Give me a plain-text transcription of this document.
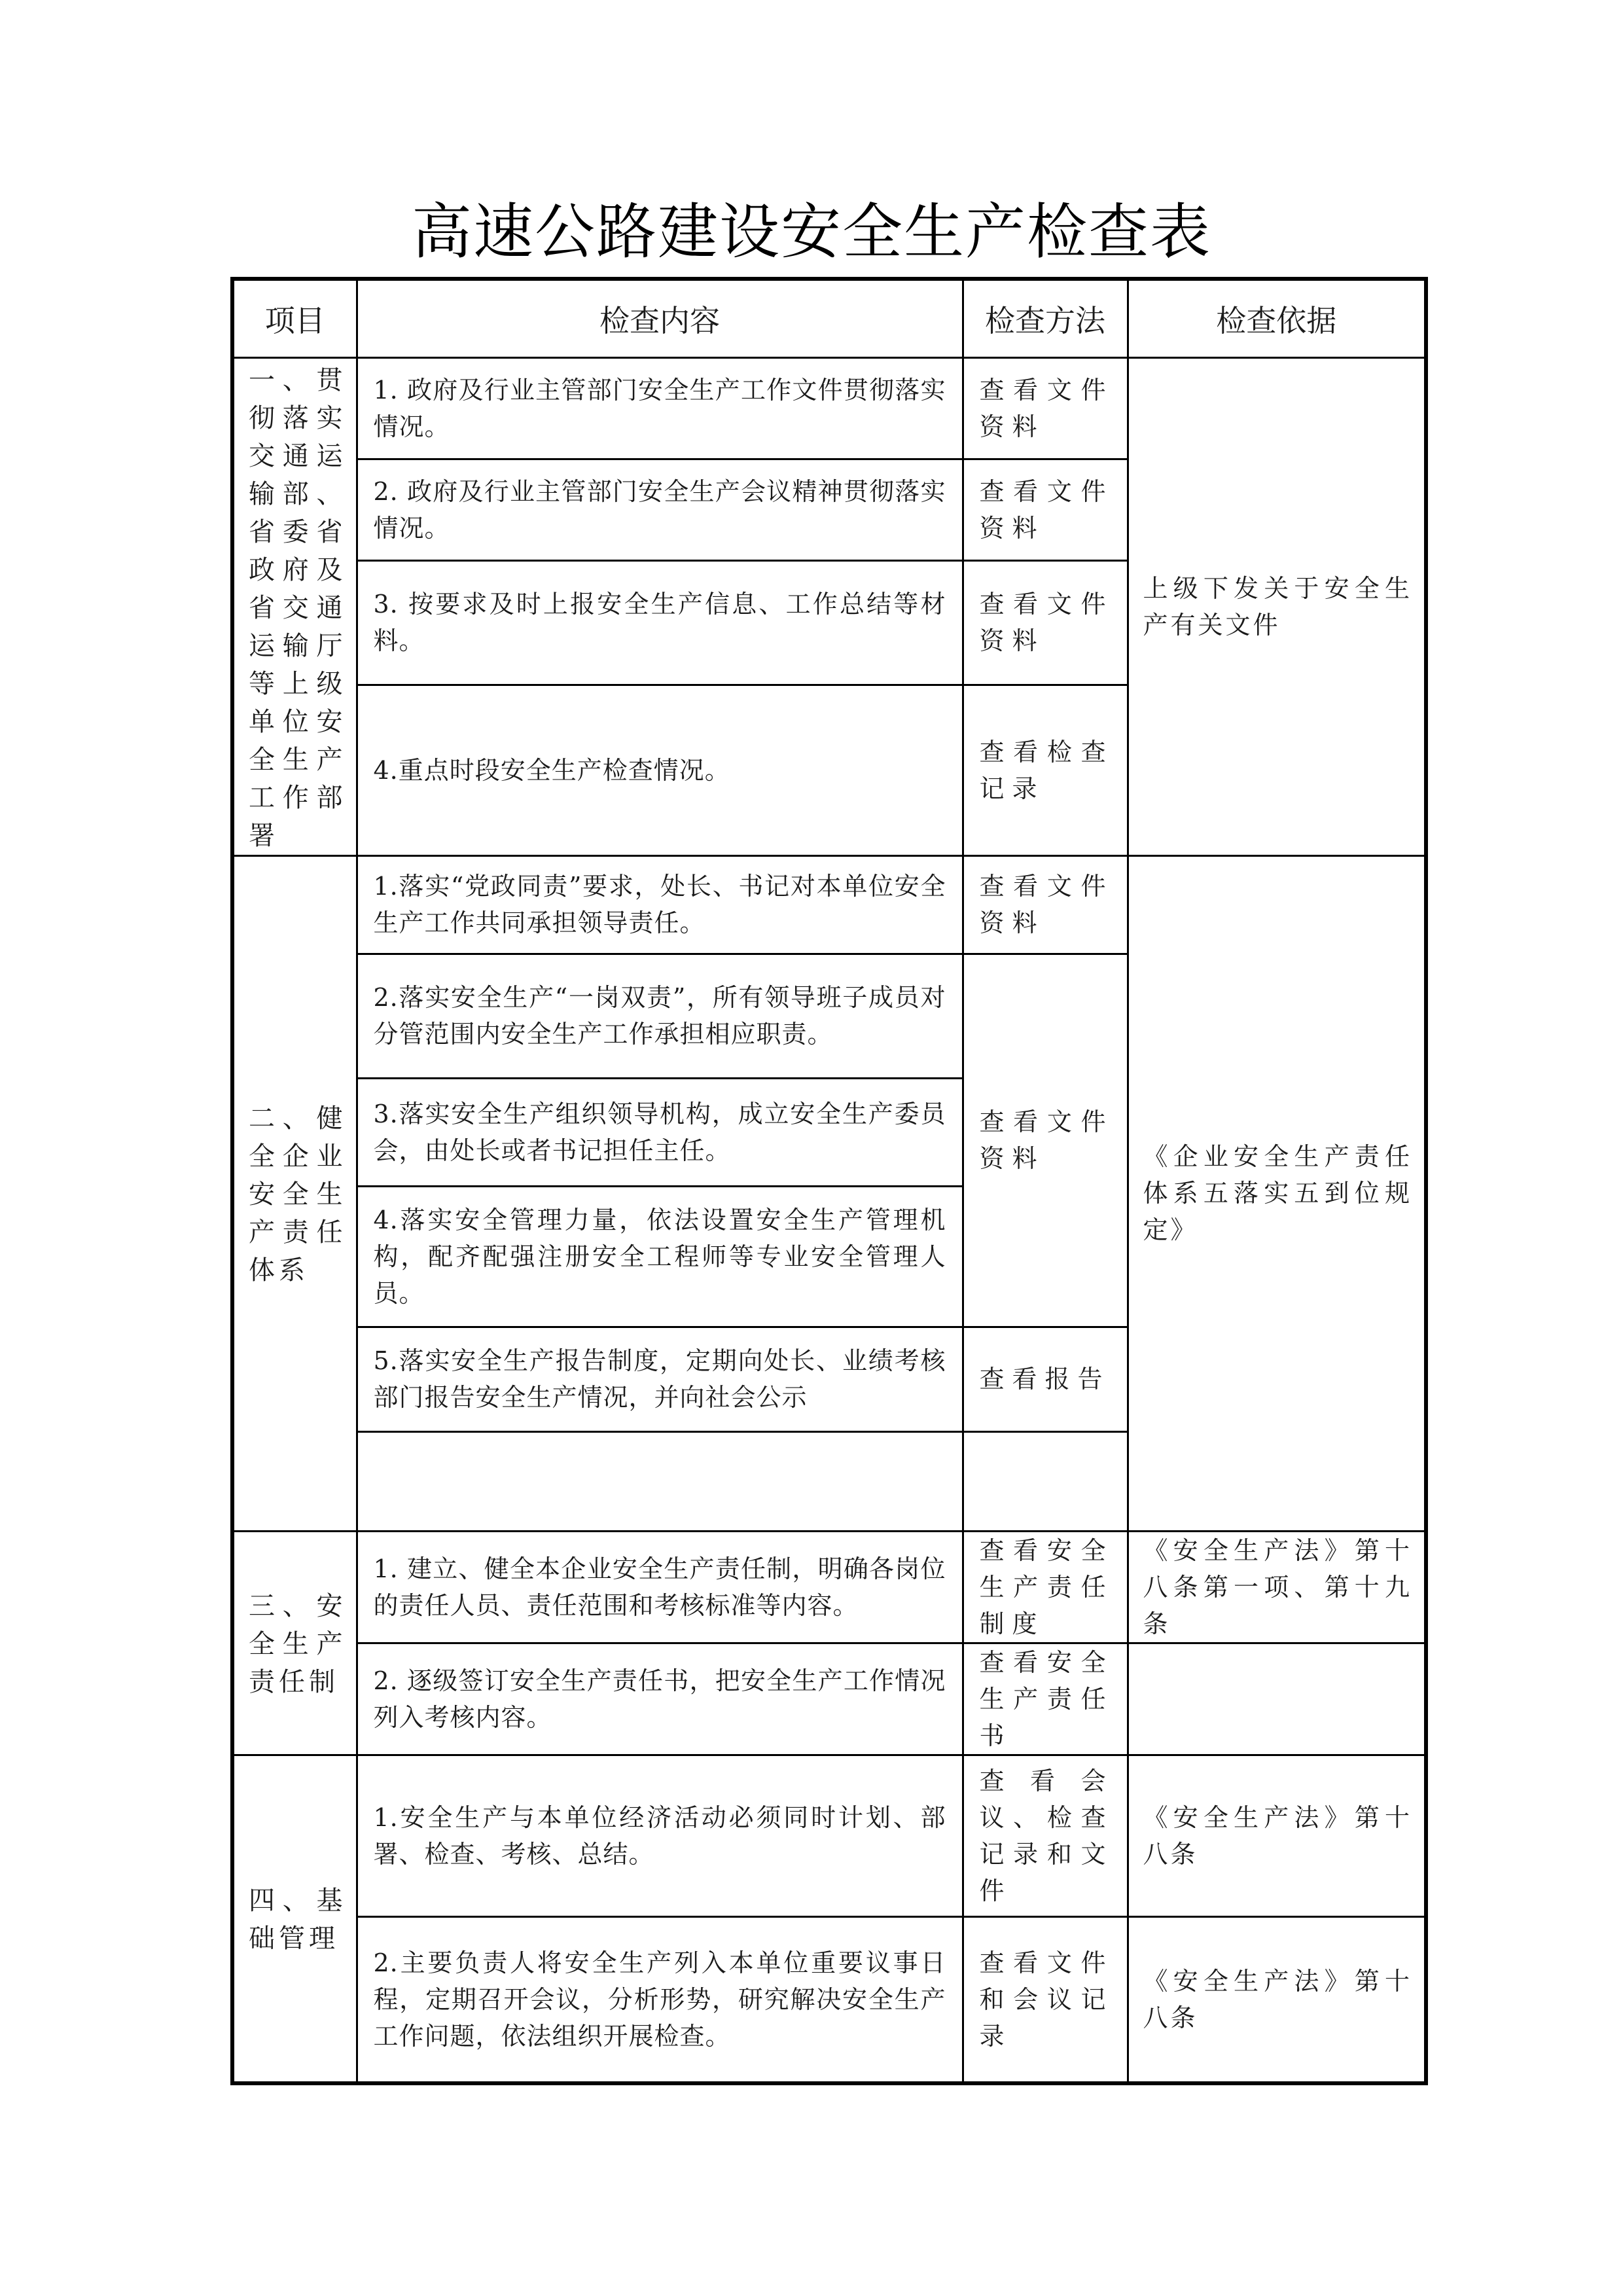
高速公路建设安全生产检查表
项目	检查内容	检查方法	检查依据
一、贯彻落实交通运输部、省委省政府及省交通运输厅等上级单位安全生产工作部署	1. 政府及行业主管部门安全生产工作文件贯彻落实情况。	查看文件资料	上级下发关于安全生产有关文件
	2. 政府及行业主管部门安全生产会议精神贯彻落实情况。	查看文件资料	
	3. 按要求及时上报安全生产信息、工作总结等材料。	查看文件资料	
	4.重点时段安全生产检查情况。	查看检查记录	
二、健全企业安全生产责任体系	1.落实“党政同责”要求，处长、书记对本单位安全生产工作共同承担领导责任。	查看文件资料	《企业安全生产责任体系五落实五到位规定》
	2.落实安全生产“一岗双责”，所有领导班子成员对分管范围内安全生产工作承担相应职责。	查看文件资料	
	3.落实安全生产组织领导机构，成立安全生产委员会，由处长或者书记担任主任。		
	4.落实安全管理力量，依法设置安全生产管理机构，配齐配强注册安全工程师等专业安全管理人员。		
	5.落实安全生产报告制度，定期向处长、业绩考核部门报告安全生产情况，并向社会公示	查看报告	

三、安全生产责任制	1. 建立、健全本企业安全生产责任制，明确各岗位的责任人员、责任范围和考核标准等内容。	查看安全生产责任制度	《安全生产法》第十八条第一项、第十九条
	2. 逐级签订安全生产责任书，把安全生产工作情况列入考核内容。	查看安全生产责任书	
四、基础管理	1.安全生产与本单位经济活动必须同时计划、部署、检查、考核、总结。	查看会议、检查记录和文件	《安全生产法》第十八条
	2.主要负责人将安全生产列入本单位重要议事日程，定期召开会议，分析形势，研究解决安全生产工作问题，依法组织开展检查。	查看文件和会议记录	《安全生产法》第十八条
